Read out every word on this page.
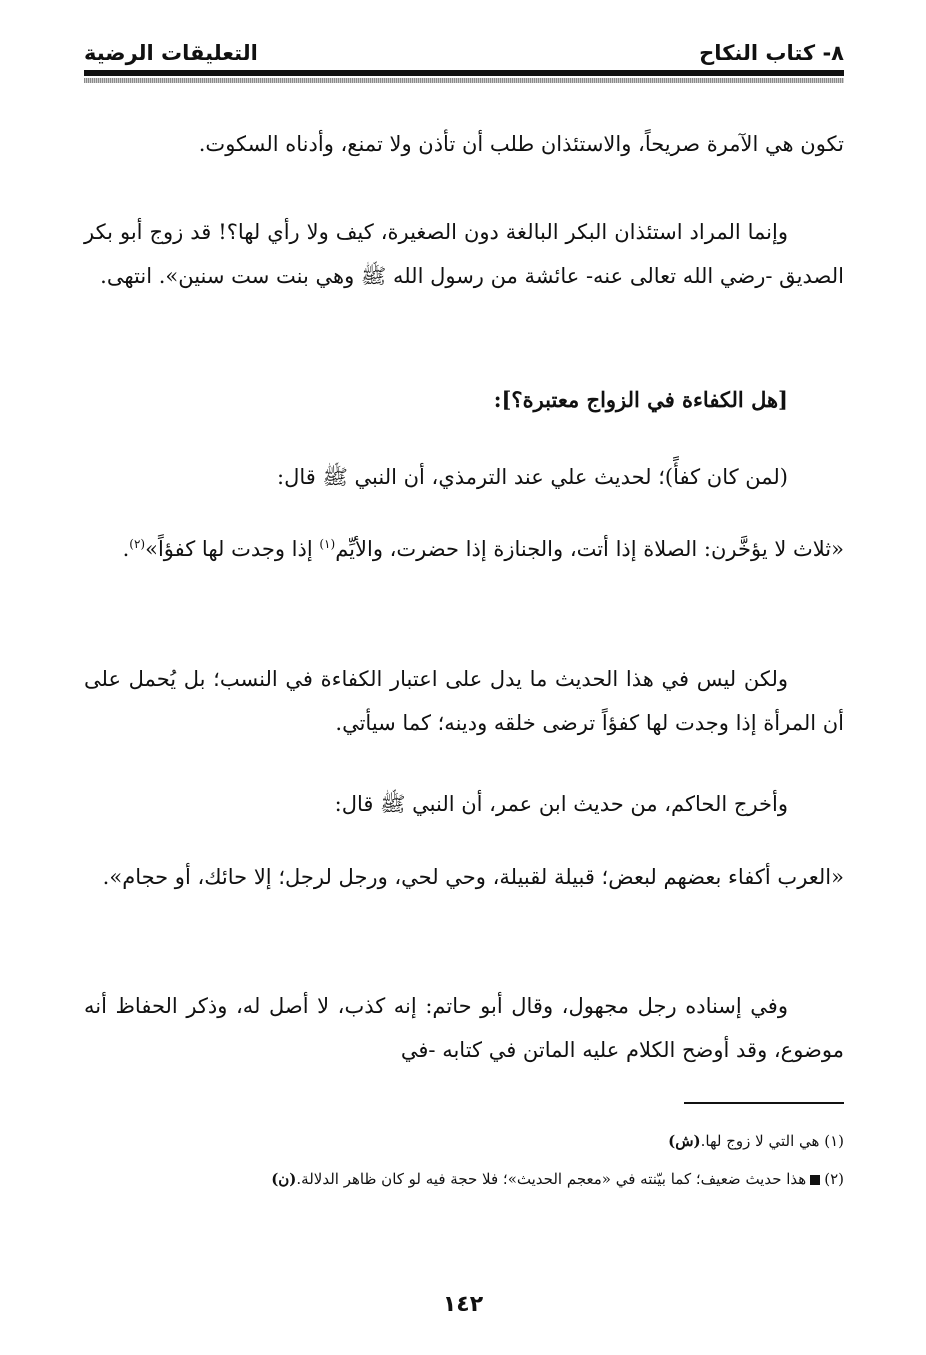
٨- كتاب النكاح
التعليقات الرضية

تكون هي الآمرة صريحاً، والاستئذان طلب أن تأذن ولا تمنع، وأدناه السكوت.

وإنما المراد استئذان البكر البالغة دون الصغيرة، كيف ولا رأي لها؟! قد زوج أبو بكر الصديق -رضي الله تعالى عنه- عائشة من رسول الله ﷺ وهي بنت ست سنين». انتهى.

[هل الكفاءة في الزواج معتبرة؟]:

(لمن كان كفأً)؛ لحديث علي عند الترمذي، أن النبي ﷺ قال:

«ثلاث لا يؤخَّرن: الصلاة إذا أتت، والجنازة إذا حضرت، والأيِّم$^{(١)}$ إذا وجدت لها كفؤاً»$^{(٢)}$.

ولكن ليس في هذا الحديث ما يدل على اعتبار الكفاءة في النسب؛ بل يُحمل على أن المرأة إذا وجدت لها كفؤاً ترضى خلقه ودينه؛ كما سيأتي.

وأخرج الحاكم، من حديث ابن عمر، أن النبي ﷺ قال:

«العرب أكفاء بعضهم لبعض؛ قبيلة لقبيلة، وحي لحي، ورجل لرجل؛ إلا حائك، أو حجام».

وفي إسناده رجل مجهول، وقال أبو حاتم: إنه كذب، لا أصل له، وذكر الحفاظ أنه موضوع، وقد أوضح الكلام عليه الماتن في كتابه -في

(١) هي التي لا زوج لها.(ش)

(٢)هذا حديث ضعيف؛ كما بيّنته في «معجم الحديث»؛ فلا حجة فيه لو كان ظاهر الدلالة.(ن)

١٤٢
